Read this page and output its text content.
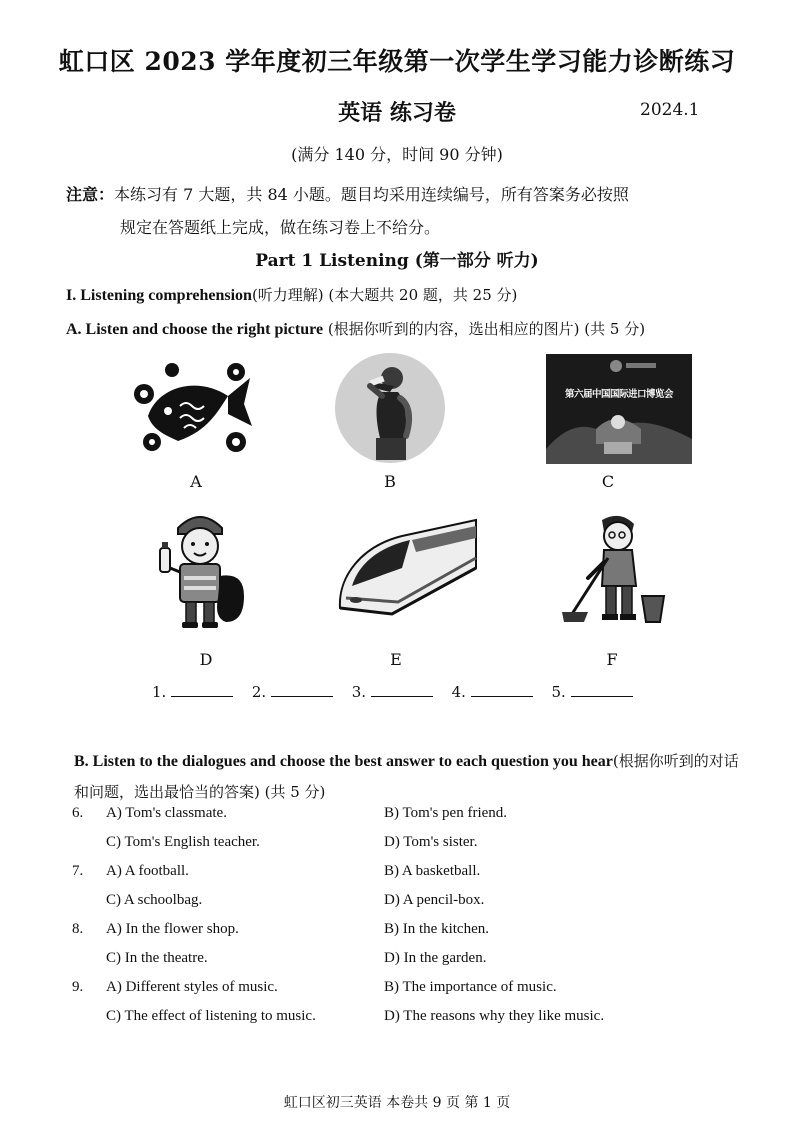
虹口区 2023 学年度初三年级第一次学生学习能力诊断练习
英语 练习卷	2024.1
(满分 140 分，时间 90 分钟)
注意：本练习有 7 大题，共 84 小题。题目均采用连续编号，所有答案务必按照
规定在答题纸上完成，做在练习卷上不给分。
Part 1 Listening (第一部分 听力)
I. Listening comprehension(听力理解) (本大题共 20 题，共 25 分)
A. Listen and choose the right picture (根据你听到的内容，选出相应的图片) (共 5 分)
A	B
第六届中国国际进口博览会
C
D	E	F
1.	2.	3.	4.	5.
B. Listen to the dialogues and choose the best answer to each question you hear(根据你听到的对话和问题，选出最恰当的答案) (共 5 分)
6. A) Tom's classmate.	B) Tom's pen friend.
C) Tom's English teacher.	D) Tom's sister.
7. A) A football.	B) A basketball.
C) A schoolbag.	D) A pencil-box.
8. A) In the flower shop.	B) In the kitchen.
C) In the theatre.	D) In the garden.
9. A) Different styles of music.	B) The importance of music.
C) The effect of listening to music.	D) The reasons why they like music.
虹口区初三英语 本卷共 9 页 第 1 页
